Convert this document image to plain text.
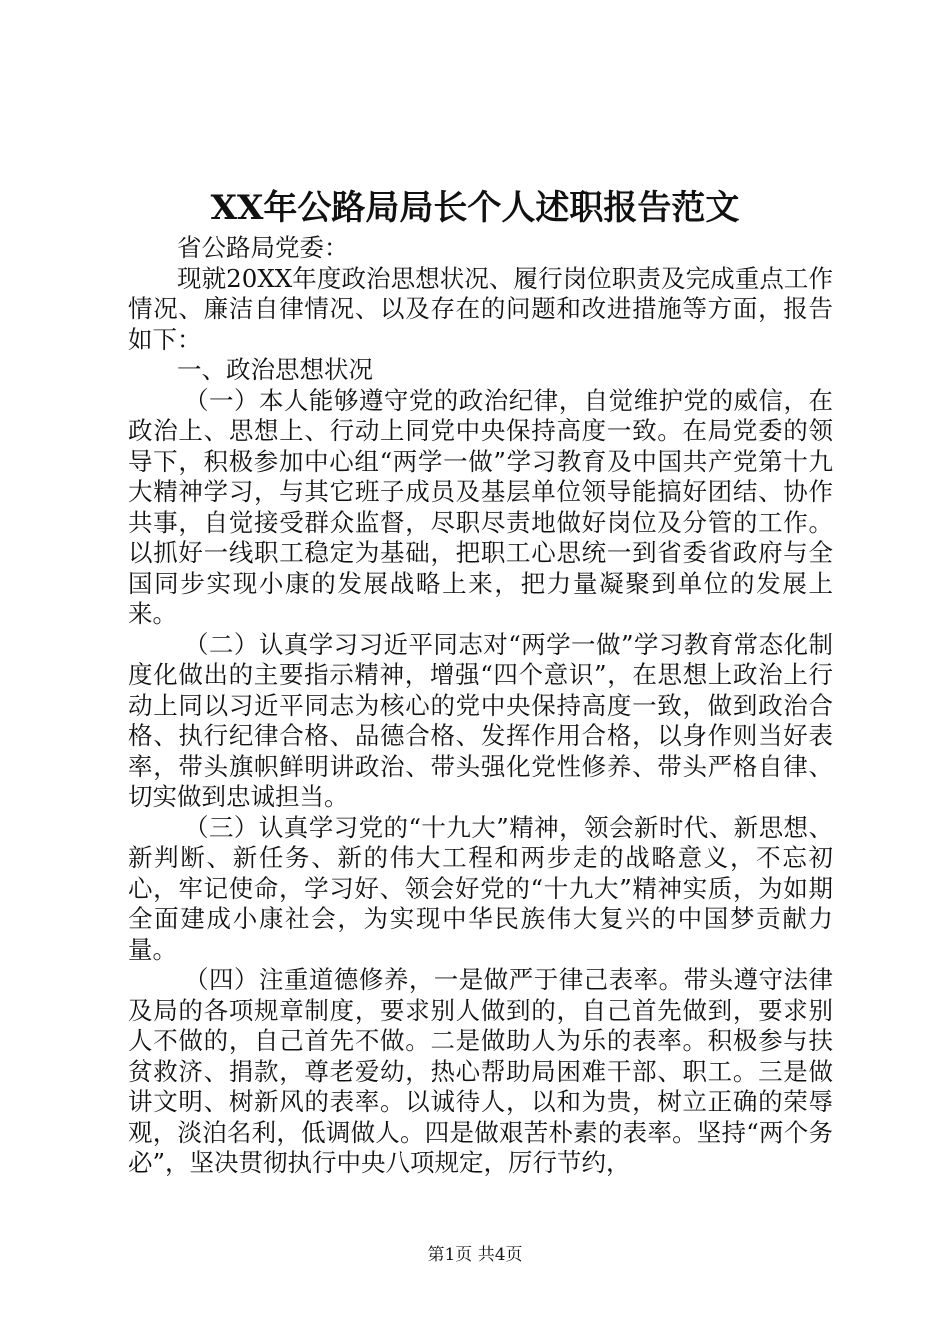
XX年公路局局长个人述职报告范文

省公路局党委：

现就20XX年度政治思想状况、履行岗位职责及完成重点工作情况、廉洁自律情况、以及存在的问题和改进措施等方面，报告如下：

一、政治思想状况

（一）本人能够遵守党的政治纪律，自觉维护党的威信，在政治上、思想上、行动上同党中央保持高度一致。在局党委的领导下，积极参加中心组“两学一做”学习教育及中国共产党第十九大精神学习，与其它班子成员及基层单位领导能搞好团结、协作共事，自觉接受群众监督，尽职尽责地做好岗位及分管的工作。以抓好一线职工稳定为基础，把职工心思统一到省委省政府与全国同步实现小康的发展战略上来，把力量凝聚到单位的发展上来。

（二）认真学习习近平同志对“两学一做”学习教育常态化制度化做出的主要指示精神，增强“四个意识”，在思想上政治上行动上同以习近平同志为核心的党中央保持高度一致，做到政治合格、执行纪律合格、品德合格、发挥作用合格，以身作则当好表率，带头旗帜鲜明讲政治、带头强化党性修养、带头严格自律、切实做到忠诚担当。

（三）认真学习党的“十九大”精神，领会新时代、新思想、新判断、新任务、新的伟大工程和两步走的战略意义，不忘初心，牢记使命，学习好、领会好党的“十九大”精神实质，为如期全面建成小康社会，为实现中华民族伟大复兴的中国梦贡献力量。

（四）注重道德修养，一是做严于律己表率。带头遵守法律及局的各项规章制度，要求别人做到的，自己首先做到，要求别人不做的，自己首先不做。二是做助人为乐的表率。积极参与扶贫救济、捐款，尊老爱幼，热心帮助局困难干部、职工。三是做讲文明、树新风的表率。以诚待人，以和为贵，树立正确的荣辱观，淡泊名利，低调做人。四是做艰苦朴素的表率。坚持“两个务必”，坚决贯彻执行中央八项规定，厉行节约，

第1页 共4页
